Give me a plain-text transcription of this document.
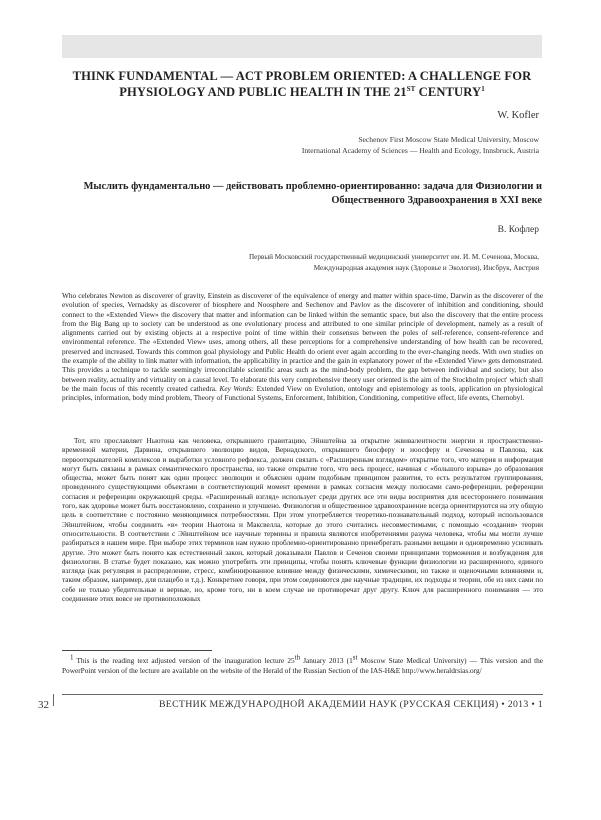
THINK FUNDAMENTAL — ACT PROBLEM ORIENTED: A CHALLENGE FOR PHYSIOLOGY AND PUBLIC HEALTH IN THE 21ST CENTURY$^1$
W. Kofler
Sechenov First Moscow State Medical University, Moscow
International Academy of Sciences — Health and Ecology, Innsbruck, Austria
Мыслить фундаментально — действовать проблемно-ориентированно: задача для Физиологии и Общественного Здравоохранения в XXI веке
В. Кофлер
Первый Московский государственный медицинский университет им. И. М. Сеченова, Москва,
Международная академия наук (Здоровье и Экология), Инсбрук, Австрия
Who celebrates Newton as discoverer of gravity, Einstein as discoverer of the equivalence of energy and matter within space-time, Darwin as the discoverer of the evolution of species, Vernadsky as discoverer of biosphere and Noosphere and Sechenov and Pavlov as the discoverer of inhibition and conditioning, should connect to the «Extended View» the discovery that matter and information can be linked within the semantic space, but also the discovery that the entire process from the Big Bang up to society can be understood as one evolutionary process and attributed to one similar principle of development, namely as a result of alignments carried out by existing objects at a respective point of time within their consensus between the poles of self-reference, consent-reference and environmental reference. The «Extended View» uses, among others, all these perceptions for a comprehensive understanding of how health can be recovered, preserved and increased. Towards this common goal physiology and Public Health do orient ever again according to the ever-changing needs. With own studies on the example of the ability to link matter with information, the applicability in practice and the gain in explanatory power of the «Extended View» gets demonstrated. This provides a technique to tackle seemingly irreconcilable scientific areas such as the mind-body problem, the gap between individual and society, but also between reality, actuality and virtuality on a causal level. To elaborate this very comprehensive theory user oriented is the aim of the Stockholm project' which shall be the main focus of this recently created cathedra. Key Words: Extended View on Evolution, ontology and epistemology as tools, application on physiological principles, information, body mind problem, Theory of Functional Systems, Enforcement, Inhibition, Conditioning, competitive effect, life events, Chernobyl.
Тот, кто прославляет Ньютона как человека, открывшего гравитацию, Эйнштейна за открытие эквивалентности энергии и пространственно-временной материи, Дарвина, открывшего эволюцию видов, Вернадского, открывшего биосферу и ноосферу и Сеченова и Павлова, как первооткрывателей комплексов и выработки условного рефлекса, должен связать с «Расширенным взглядом» открытие того, что материя и информация могут быть связаны в рамках семантического пространства, но также открытие того, что весь процесс, начиная с «большого взрыва» до образования общества, может быть понят как один процесс эволюции и объяснен одним подобным принципом развития, то есть результатом группирования, проведенного существующими объектами в соответствующий момент времени в рамках согласия между полюсами само-референции, референции согласия и референции окружающей среды. «Расширенный взгляд» использует среди других все эти виды восприятия для всестороннего понимания того, как здоровье может быть восстановлено, сохранено и улучшено. Физиология и общественное здравоохранение всегда ориентируются на эту общую цель в соответствие с постоянно меняющимися потребностями. При этом употребляется теоретико-познавательный подход, который использовался Эйнштейном, чтобы соединить «в» теории Ньютона и Максвелла, которые до этого считались несовместимыми, с помощью «создания» теории относительности. В соответствии с Эйнштейном все научные термины и правила являются изобретениями разума человека, чтобы мы могли лучше разбираться в нашем мире. При выборе этих терминов нам нужно проблемно-ориентированно пренебрегать разными вещами и одновременно усиливать другие. Это может быть понято как естественный закон, который доказывали Павлов и Сеченов своими принципами торможения и возбуждения для физиологии. В статье будет показано, как можно употребить эти принципы, чтобы понять ключевые функции физиологии из расширенного, единого взгляда (как регуляция и распределение, стресс, комбинированное влияние между физическими, химическими, но также и оценочными влияниями и, таким образом, например, для плацебо и т.д.). Конкретнее говоря, при этом соединяются две научные традиции, их подходы и теории, обе из них сами по себе не только убедительные и верные, но, кроме того, ни в коем случае не противоречат друг другу. Ключ для расширенного понимания — это соединение этих вовсе не противоположных
$^1$ This is the reading text adjusted version of the inauguration lecture 25th January 2013 (1st Moscow State Medical University) — This version and the PowerPoint version of the lecture are available on the website of the Herald of the Russian Section of the IAS-H&E http://www.heraldrsias.org/
32	ВЕСТНИК МЕЖДУНАРОДНОЙ АКАДЕМИИ НАУК (РУССКАЯ СЕКЦИЯ) • 2013 • 1
